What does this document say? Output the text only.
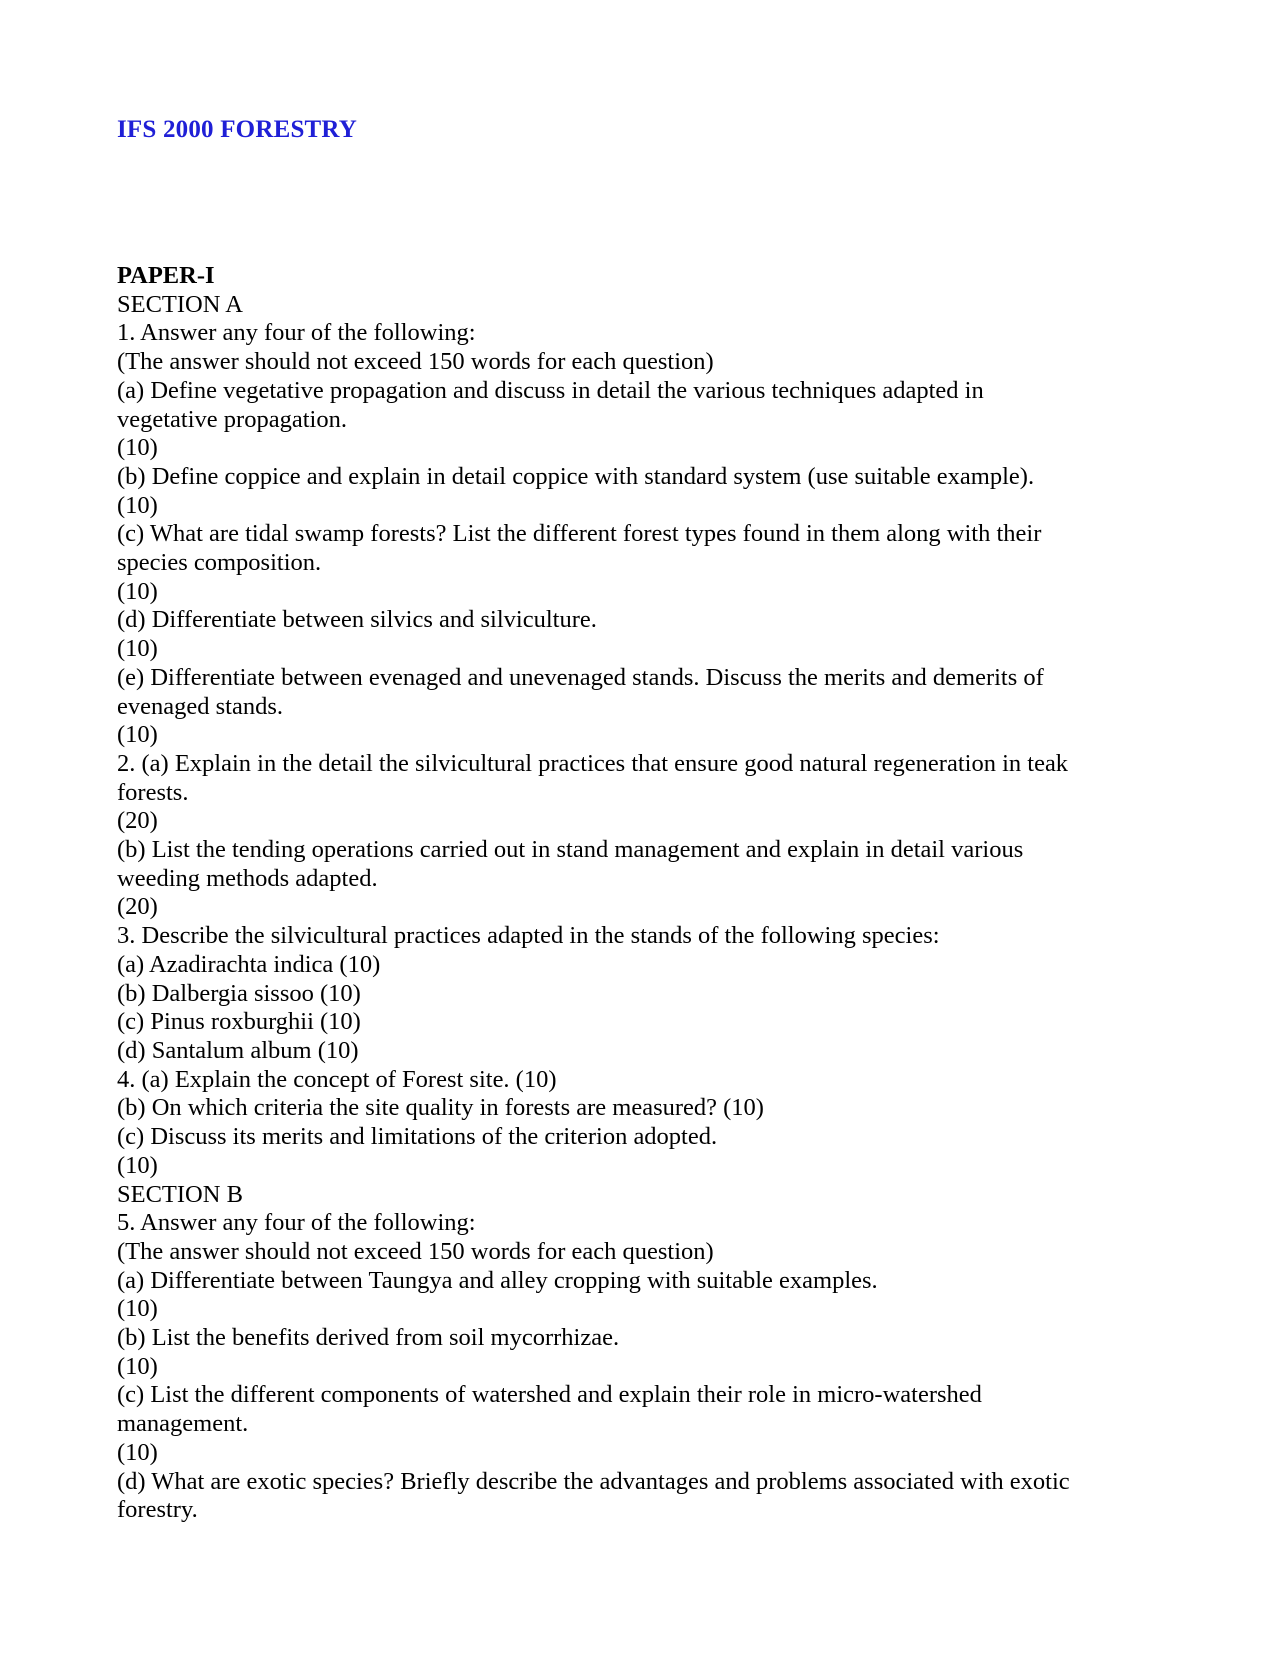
IFS 2000 FORESTRY
PAPER-I
SECTION A
1. Answer any four of the following:
(The answer should not exceed 150 words for each question)
(a) Define vegetative propagation and discuss in detail the various techniques adapted in
vegetative propagation.
(10)
(b) Define coppice and explain in detail coppice with standard system (use suitable example).
(10)
(c) What are tidal swamp forests? List the different forest types found in them along with their
species composition.
(10)
(d) Differentiate between silvics and silviculture.
(10)
(e) Differentiate between evenaged and unevenaged stands. Discuss the merits and demerits of
evenaged stands.
(10)
2. (a) Explain in the detail the silvicultural practices that ensure good natural regeneration in teak
forests.
(20)
(b) List the tending operations carried out in stand management and explain in detail various
weeding methods adapted.
(20)
3. Describe the silvicultural practices adapted in the stands of the following species:
(a) Azadirachta indica (10)
(b) Dalbergia sissoo (10)
(c) Pinus roxburghii (10)
(d) Santalum album (10)
4. (a) Explain the concept of Forest site. (10)
(b) On which criteria the site quality in forests are measured? (10)
(c) Discuss its merits and limitations of the criterion adopted.
(10)
SECTION B
5. Answer any four of the following:
(The answer should not exceed 150 words for each question)
(a) Differentiate between Taungya and alley cropping with suitable examples.
(10)
(b) List the benefits derived from soil mycorrhizae.
(10)
(c) List the different components of watershed and explain their role in micro-watershed
management.
(10)
(d) What are exotic species? Briefly describe the advantages and problems associated with exotic
forestry.
